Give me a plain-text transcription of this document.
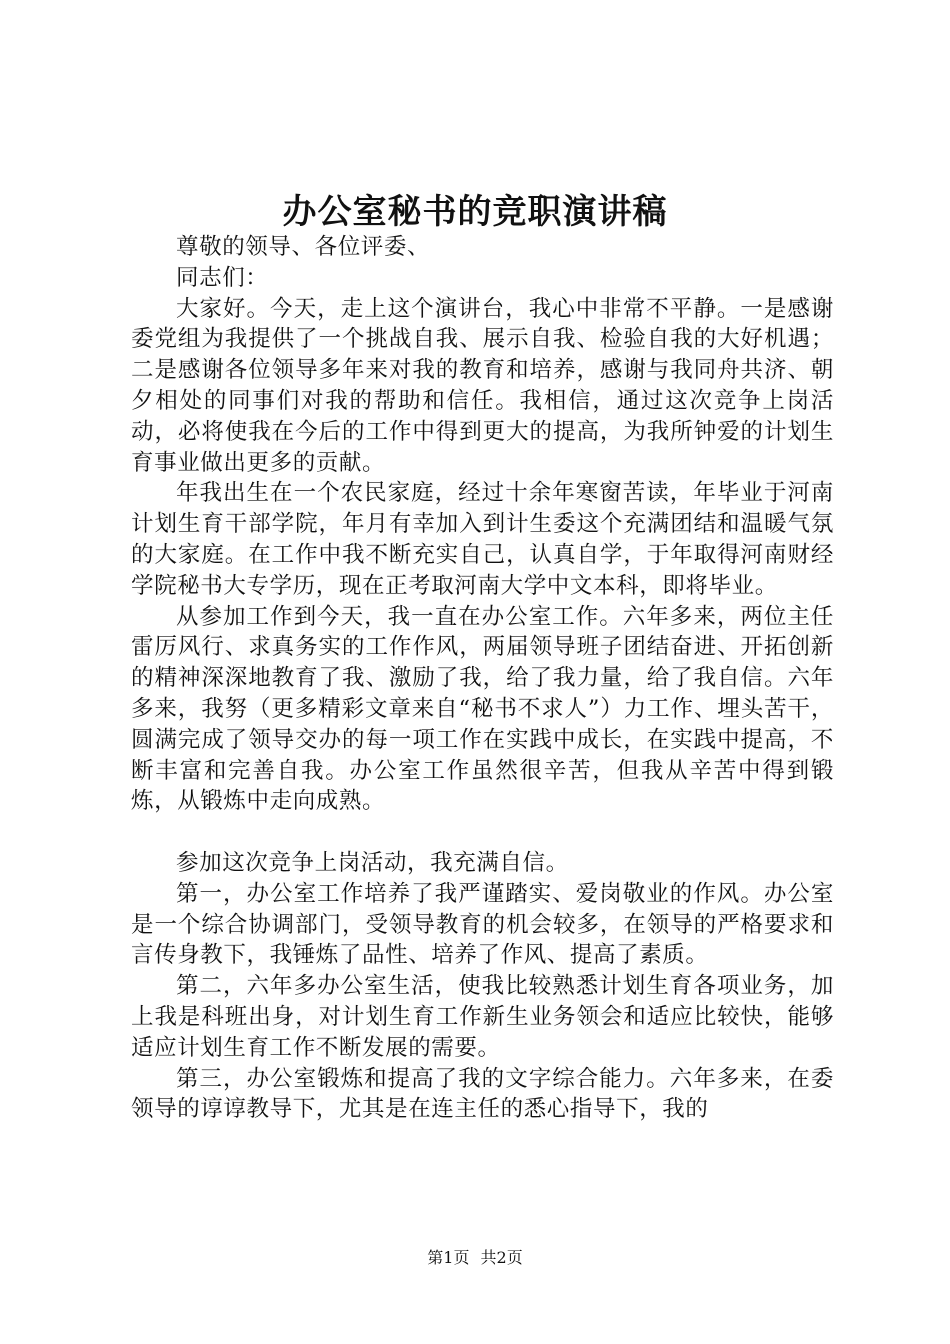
办公室秘书的竞职演讲稿

尊敬的领导、各位评委、

同志们：

大家好。今天，走上这个演讲台，我心中非常不平静。一是感谢委党组为我提供了一个挑战自我、展示自我、检验自我的大好机遇；二是感谢各位领导多年来对我的教育和培养，感谢与我同舟共济、朝夕相处的同事们对我的帮助和信任。我相信，通过这次竞争上岗活动，必将使我在今后的工作中得到更大的提高，为我所钟爱的计划生育事业做出更多的贡献。

年我出生在一个农民家庭，经过十余年寒窗苦读，年毕业于河南计划生育干部学院，年月有幸加入到计生委这个充满团结和温暖气氛的大家庭。在工作中我不断充实自己，认真自学，于年取得河南财经学院秘书大专学历，现在正考取河南大学中文本科，即将毕业。

从参加工作到今天，我一直在办公室工作。六年多来，两位主任雷厉风行、求真务实的工作作风，两届领导班子团结奋进、开拓创新的精神深深地教育了我、激励了我，给了我力量，给了我自信。六年多来，我努（更多精彩文章来自“秘书不求人”）力工作、埋头苦干，圆满完成了领导交办的每一项工作在实践中成长，在实践中提高，不断丰富和完善自我。办公室工作虽然很辛苦，但我从辛苦中得到锻炼，从锻炼中走向成熟。

参加这次竞争上岗活动，我充满自信。

第一，办公室工作培养了我严谨踏实、爱岗敬业的作风。办公室是一个综合协调部门，受领导教育的机会较多，在领导的严格要求和言传身教下，我锤炼了品性、培养了作风、提高了素质。

第二，六年多办公室生活，使我比较熟悉计划生育各项业务，加上我是科班出身，对计划生育工作新生业务领会和适应比较快，能够适应计划生育工作不断发展的需要。

第三，办公室锻炼和提高了我的文字综合能力。六年多来，在委领导的谆谆教导下，尤其是在连主任的悉心指导下，我的

第1页 共2页
